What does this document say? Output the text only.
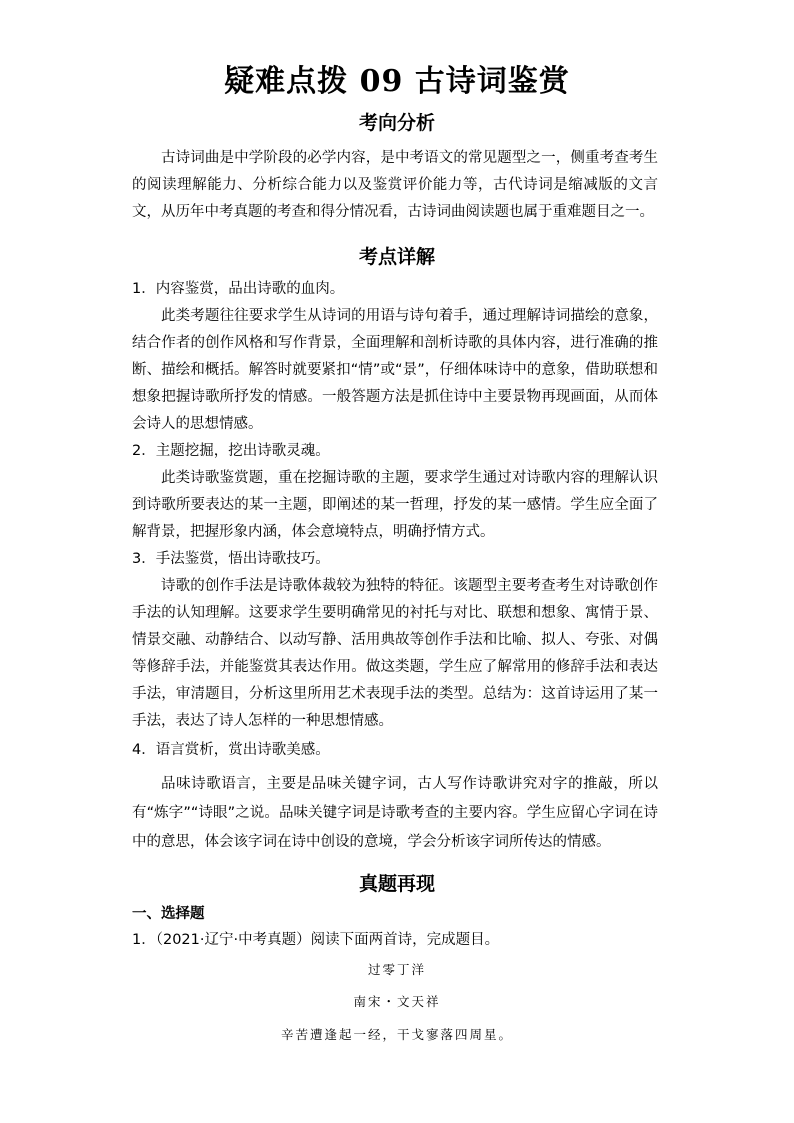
疑难点拨 09 古诗词鉴赏
考向分析

古诗词曲是中学阶段的必学内容，是中考语文的常见题型之一，侧重考查考生的阅读理解能力、分析综合能力以及鉴赏评价能力等，古代诗词是缩减版的文言文，从历年中考真题的考查和得分情况看，古诗词曲阅读题也属于重难题目之一。

考点详解

1．内容鉴赏，品出诗歌的血肉。

此类考题往往要求学生从诗词的用语与诗句着手，通过理解诗词描绘的意象，结合作者的创作风格和写作背景，全面理解和剖析诗歌的具体内容，进行准确的推断、描绘和概括。解答时就要紧扣“情”或“景”，仔细体味诗中的意象，借助联想和想象把握诗歌所抒发的情感。一般答题方法是抓住诗中主要景物再现画面，从而体会诗人的思想情感。

2．主题挖掘，挖出诗歌灵魂。

此类诗歌鉴赏题，重在挖掘诗歌的主题，要求学生通过对诗歌内容的理解认识到诗歌所要表达的某一主题，即阐述的某一哲理，抒发的某一感情。学生应全面了解背景，把握形象内涵，体会意境特点，明确抒情方式。

3．手法鉴赏，悟出诗歌技巧。

诗歌的创作手法是诗歌体裁较为独特的特征。该题型主要考查考生对诗歌创作手法的认知理解。这要求学生要明确常见的衬托与对比、联想和想象、寓情于景、情景交融、动静结合、以动写静、活用典故等创作手法和比喻、拟人、夸张、对偶等修辞手法，并能鉴赏其表达作用。做这类题，学生应了解常用的修辞手法和表达手法，审清题目，分析这里所用艺术表现手法的类型。总结为：这首诗运用了某一手法，表达了诗人怎样的一种思想情感。

4．语言赏析，赏出诗歌美感。

品味诗歌语言，主要是品味关键字词，古人写作诗歌讲究对字的推敲，所以有“炼字”“诗眼”之说。品味关键字词是诗歌考查的主要内容。学生应留心字词在诗中的意思，体会该字词在诗中创设的意境，学会分析该字词所传达的情感。

真题再现
一、选择题

1．（2021·辽宁·中考真题）阅读下面两首诗，完成题目。

过零丁洋
南宋・文天祥
辛苦遭逢起一经，干戈寥落四周星。
